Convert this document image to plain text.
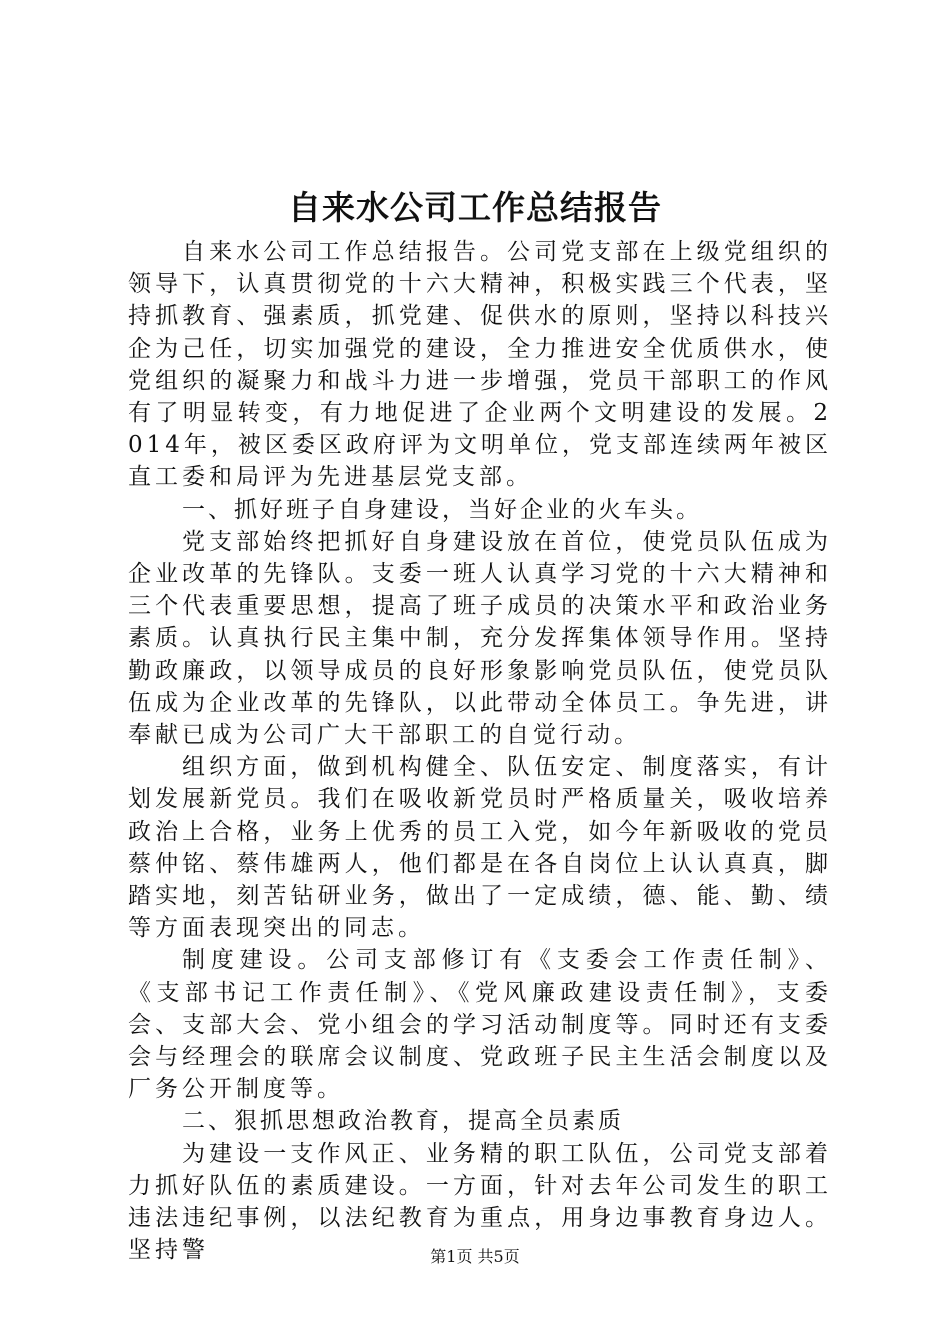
自来水公司工作总结报告

自来水公司工作总结报告。公司党支部在上级党组织的领导下，认真贯彻党的十六大精神，积极实践三个代表，坚持抓教育、强素质，抓党建、促供水的原则，坚持以科技兴企为己任，切实加强党的建设，全力推进安全优质供水，使党组织的凝聚力和战斗力进一步增强，党员干部职工的作风有了明显转变，有力地促进了企业两个文明建设的发展。2014年，被区委区政府评为文明单位，党支部连续两年被区直工委和局评为先进基层党支部。

一、抓好班子自身建设，当好企业的火车头。

党支部始终把抓好自身建设放在首位，使党员队伍成为企业改革的先锋队。支委一班人认真学习党的十六大精神和三个代表重要思想，提高了班子成员的决策水平和政治业务素质。认真执行民主集中制，充分发挥集体领导作用。坚持勤政廉政，以领导成员的良好形象影响党员队伍，使党员队伍成为企业改革的先锋队，以此带动全体员工。争先进，讲奉献已成为公司广大干部职工的自觉行动。

组织方面，做到机构健全、队伍安定、制度落实，有计划发展新党员。我们在吸收新党员时严格质量关，吸收培养政治上合格，业务上优秀的员工入党，如今年新吸收的党员蔡仲铭、蔡伟雄两人，他们都是在各自岗位上认认真真，脚踏实地，刻苦钻研业务，做出了一定成绩，德、能、勤、绩等方面表现突出的同志。

制度建设。公司支部修订有《支委会工作责任制》、《支部书记工作责任制》、《党风廉政建设责任制》，支委会、支部大会、党小组会的学习活动制度等。同时还有支委会与经理会的联席会议制度、党政班子民主生活会制度以及厂务公开制度等。

二、狠抓思想政治教育，提高全员素质

为建设一支作风正、业务精的职工队伍，公司党支部着力抓好队伍的素质建设。一方面，针对去年公司发生的职工违法违纪事例，以法纪教育为重点，用身边事教育身边人。坚持警	第1页 共5页
